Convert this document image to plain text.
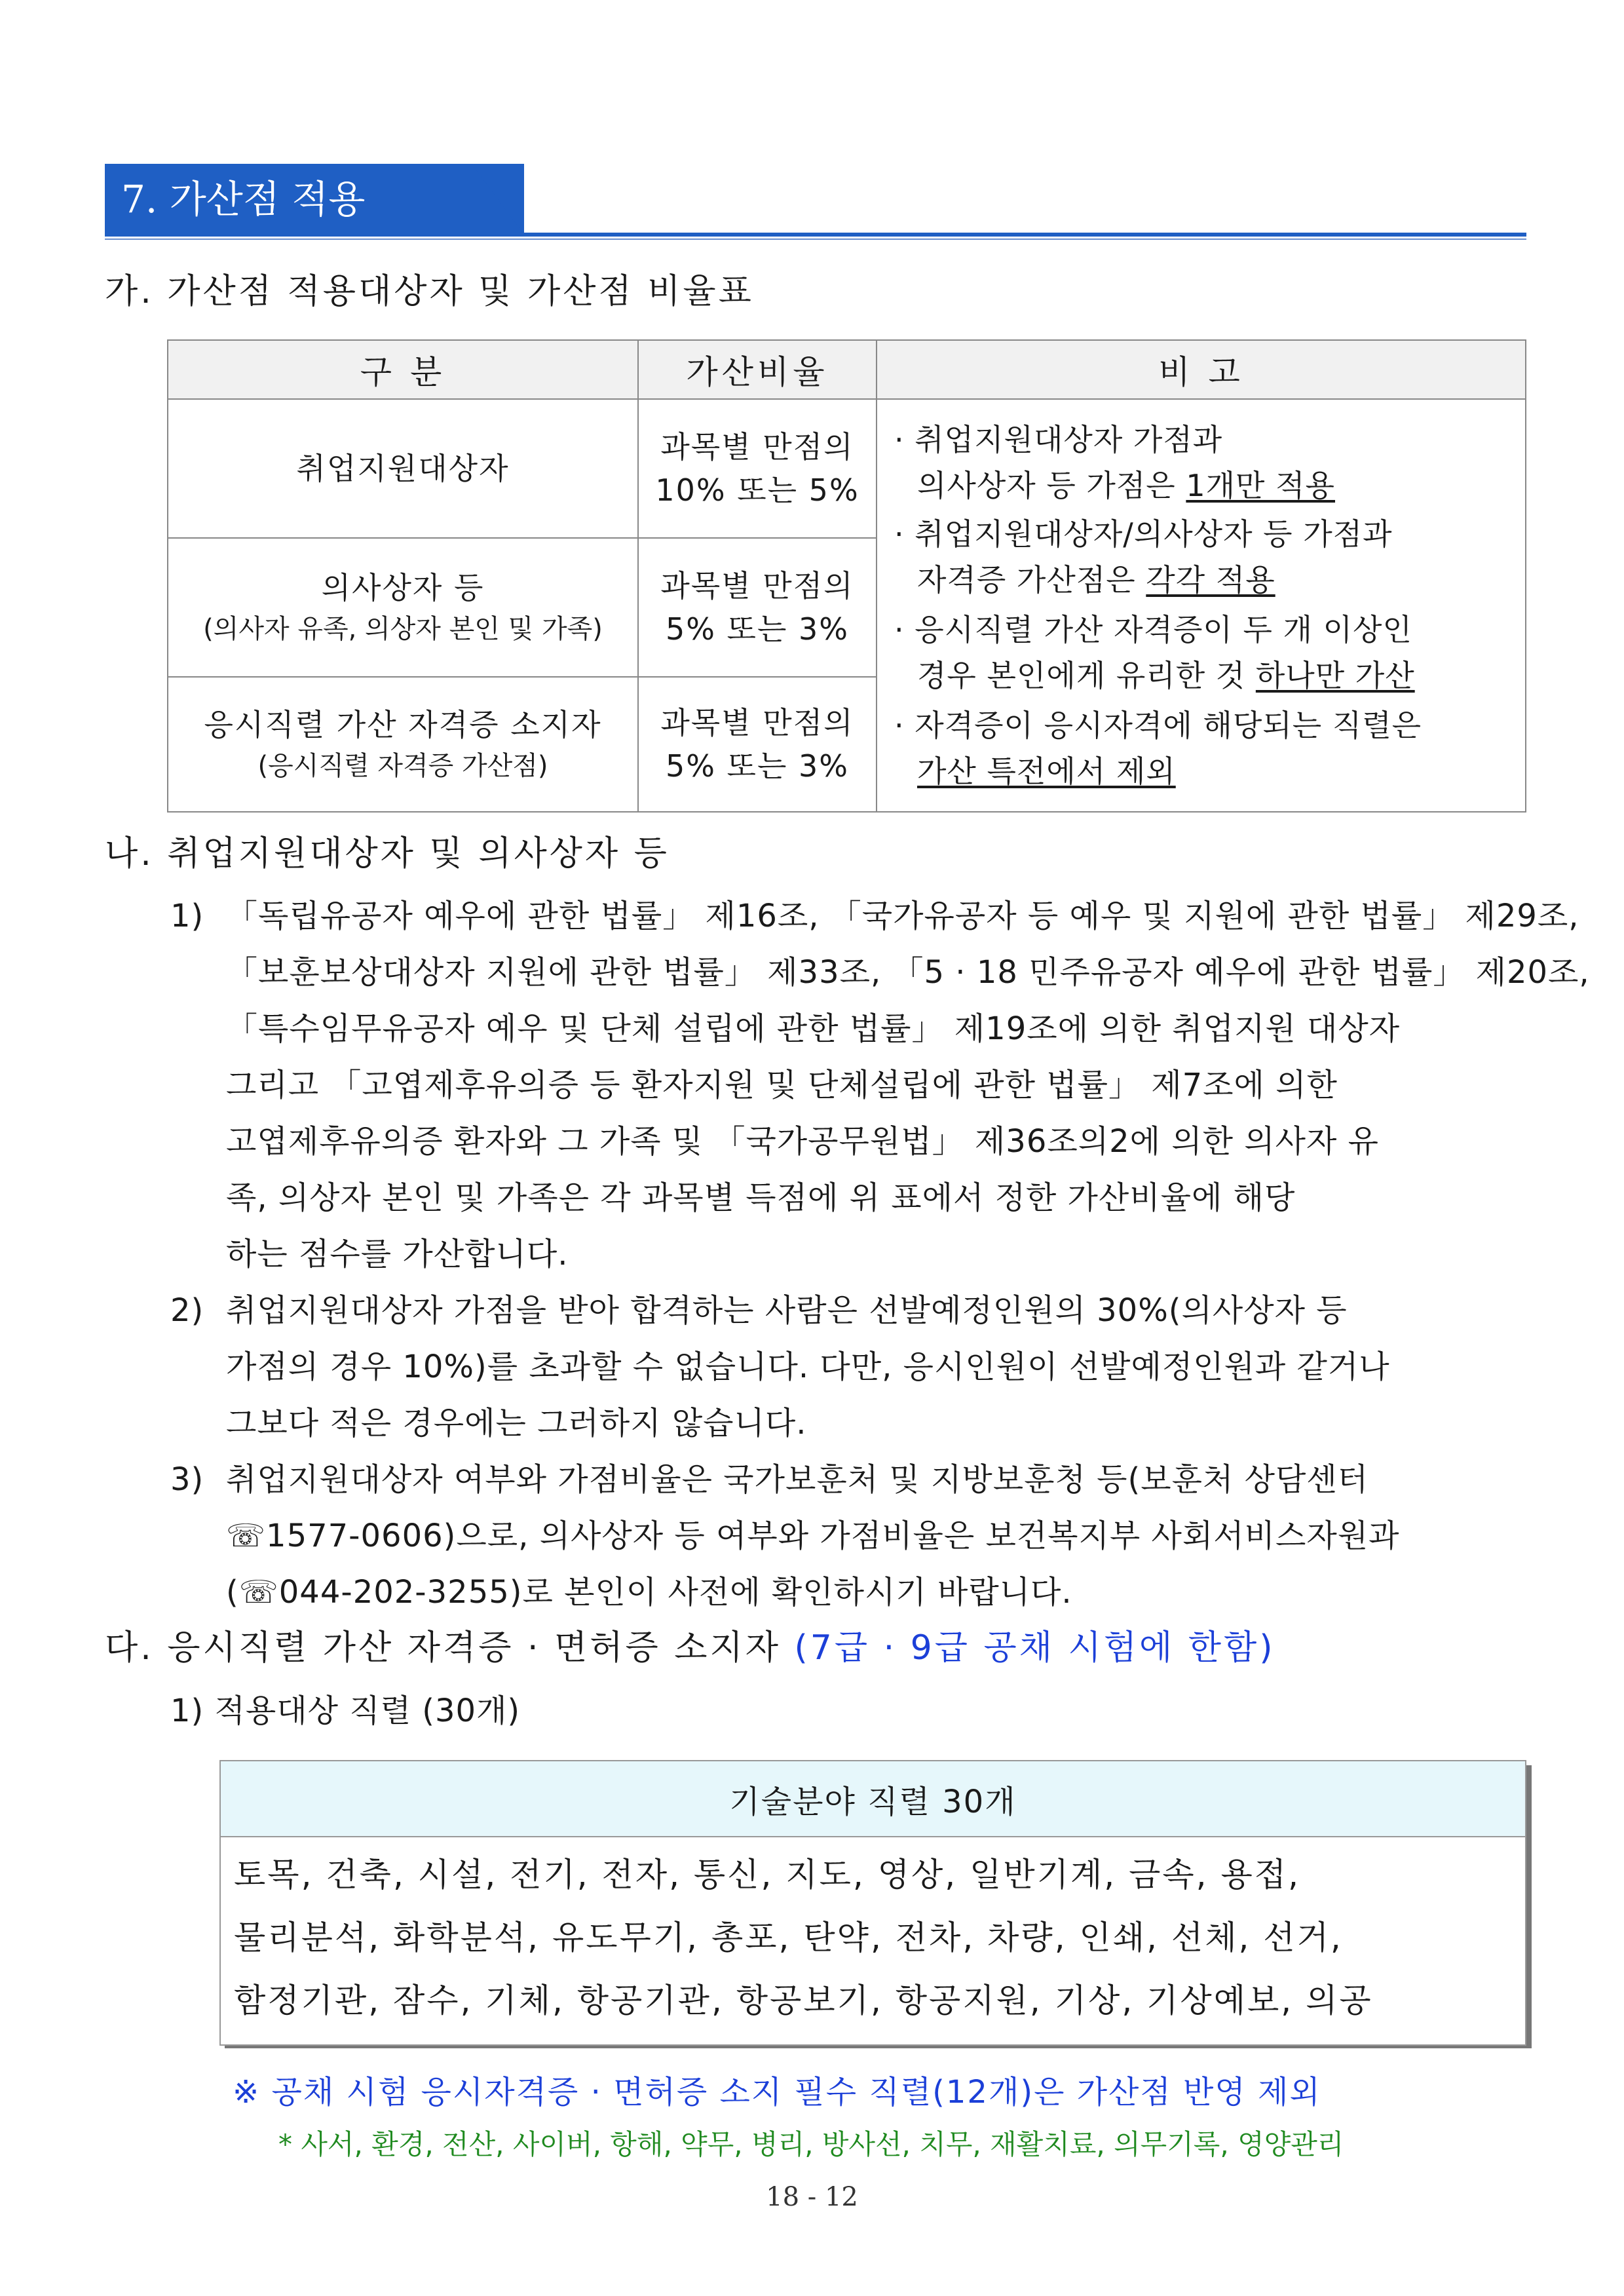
7. 가산점 적용
가. 가산점 적용대상자 및 가산점 비율표
구 분	가산비율	비 고
취업지원대상자
과목별 만점의
10% 또는 5%
의사상자 등
(의사자 유족, 의상자 본인 및 가족)
과목별 만점의
5% 또는 3%
응시직렬 가산 자격증 소지자
(응시직렬 자격증 가산점)
과목별 만점의
5% 또는 3%
· 취업지원대상자 가점과
의사상자 등 가점은 1개만 적용
· 취업지원대상자/의사상자 등 가점과
자격증 가산점은 각각 적용
· 응시직렬 가산 자격증이 두 개 이상인
경우 본인에게 유리한 것 하나만 가산
· 자격증이 응시자격에 해당되는 직렬은
가산 특전에서 제외
나. 취업지원대상자 및 의사상자 등
1) 「독립유공자 예우에 관한 법률」 제16조, 「국가유공자 등 예우 및 지원에 관한 법률」 제29조,
「보훈보상대상자 지원에 관한 법률」 제33조, 「5 · 18 민주유공자 예우에 관한 법률」 제20조,
「특수임무유공자 예우 및 단체 설립에 관한 법률」 제19조에 의한 취업지원 대상자
그리고 「고엽제후유의증 등 환자지원 및 단체설립에 관한 법률」 제7조에 의한
고엽제후유의증 환자와 그 가족 및 「국가공무원법」 제36조의2에 의한 의사자 유
족, 의상자 본인 및 가족은 각 과목별 득점에 위 표에서 정한 가산비율에 해당
하는 점수를 가산합니다.
2) 취업지원대상자 가점을 받아 합격하는 사람은 선발예정인원의 30%(의사상자 등
가점의 경우 10%)를 초과할 수 없습니다. 다만, 응시인원이 선발예정인원과 같거나
그보다 적은 경우에는 그러하지 않습니다.
3) 취업지원대상자 여부와 가점비율은 국가보훈처 및 지방보훈청 등(보훈처 상담센터
☏1577-0606)으로, 의사상자 등 여부와 가점비율은 보건복지부 사회서비스자원과
(☏044-202-3255)로 본인이 사전에 확인하시기 바랍니다.
다. 응시직렬 가산 자격증 · 면허증 소지자 (7급 · 9급 공채 시험에 한함)
1) 적용대상 직렬 (30개)
기술분야 직렬 30개
토목, 건축, 시설, 전기, 전자, 통신, 지도, 영상, 일반기계, 금속, 용접,
물리분석, 화학분석, 유도무기, 총포, 탄약, 전차, 차량, 인쇄, 선체, 선거,
함정기관, 잠수, 기체, 항공기관, 항공보기, 항공지원, 기상, 기상예보, 의공
※ 공채 시험 응시자격증 · 면허증 소지 필수 직렬(12개)은 가산점 반영 제외
* 사서, 환경, 전산, 사이버, 항해, 약무, 병리, 방사선, 치무, 재활치료, 의무기록, 영양관리
18 - 12
